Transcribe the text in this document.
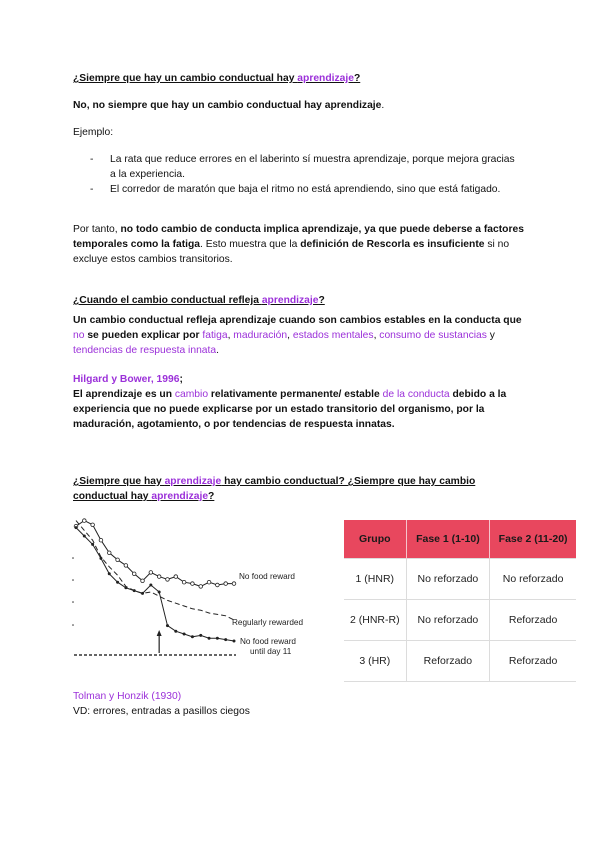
¿Siempre que hay un cambio conductual hay aprendizaje?
No, no siempre que hay un cambio conductual hay aprendizaje.
Ejemplo:
- La rata que reduce errores en el laberinto sí muestra aprendizaje, porque mejora gracias a la experiencia.
- El corredor de maratón que baja el ritmo no está aprendiendo, sino que está fatigado.
Por tanto, no todo cambio de conducta implica aprendizaje, ya que puede deberse a factores temporales como la fatiga. Esto muestra que la definición de Rescorla es insuficiente si no excluye estos cambios transitorios.
¿Cuando el cambio conductual refleja aprendizaje?
Un cambio conductual refleja aprendizaje cuando son cambios estables en la conducta que no se pueden explicar por fatiga, maduración, estados mentales, consumo de sustancias y tendencias de respuesta innata.
Hilgard y Bower, 1996;
El aprendizaje es un cambio relativamente permanente/ estable de la conducta debido a la experiencia que no puede explicarse por un estado transitorio del organismo, por la maduración, agotamiento, o por tendencias de respuesta innatas.
¿Siempre que hay aprendizaje hay cambio conductual? ¿Siempre que hay cambio conductual hay aprendizaje?
No food reward
Regularly rewarded
No food reward
until day 11
Grupo	Fase 1 (1-10)	Fase 2 (11-20)
1 (HNR)	No reforzado	No reforzado
2 (HNR-R)	No reforzado	Reforzado
3 (HR)	Reforzado	Reforzado
Tolman y Honzik (1930)
VD: errores, entradas a pasillos ciegos
